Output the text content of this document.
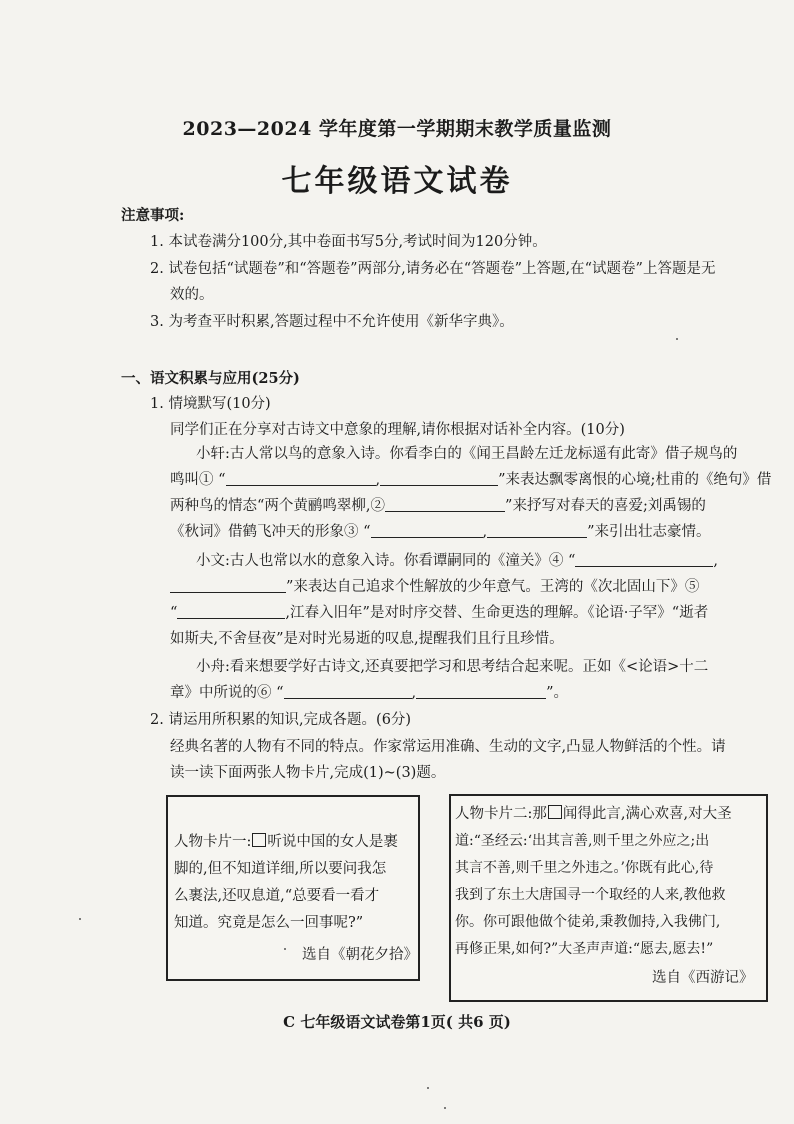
2023—2024 学年度第一学期期末教学质量监测
七年级语文试卷
注意事项:
1. 本试卷满分100分,其中卷面书写5分,考试时间为120分钟。
2. 试卷包括“试题卷”和“答题卷”两部分,请务必在“答题卷”上答题,在“试题卷”上答题是无
效的。
3. 为考查平时积累,答题过程中不允许使用《新华字典》。
一、语文积累与应用(25分)
1. 情境默写(10分)
同学们正在分享对古诗文中意象的理解,请你根据对话补全内容。(10分)
小轩:古人常以鸟的意象入诗。你看李白的《闻王昌龄左迁龙标遥有此寄》借子规鸟的
鸣叫① “	,	”来表达飘零离恨的心境;杜甫的《绝句》借
两种鸟的情态“两个黄鹂鸣翠柳,②	”来抒写对春天的喜爱;刘禹锡的
《秋词》借鹤飞冲天的形象③ “	,	”来引出壮志豪情。
小文:古人也常以水的意象入诗。你看谭嗣同的《潼关》④ “	,
”来表达自己追求个性解放的少年意气。王湾的《次北固山下》⑤
“	,江春入旧年”是对时序交替、生命更迭的理解。《论语·子罕》“逝者
如斯夫,不舍昼夜”是对时光易逝的叹息,提醒我们且行且珍惜。
小舟:看来想要学好古诗文,还真要把学习和思考结合起来呢。正如《<论语>十二
章》中所说的⑥ “	,	”。
2. 请运用所积累的知识,完成各题。(6分)
经典名著的人物有不同的特点。作家常运用准确、生动的文字,凸显人物鲜活的个性。请
读一读下面两张人物卡片,完成(1)~(3)题。
人物卡片一: 听说中国的女人是裹
脚的,但不知道详细,所以要问我怎
么裹法,还叹息道,“总要看一看才
知道。究竟是怎么一回事呢?”
选自《朝花夕拾》
人物卡片二:那 闻得此言,满心欢喜,对大圣
道:“圣经云:‘出其言善,则千里之外应之;出
其言不善,则千里之外违之。’你既有此心,待
我到了东土大唐国寻一个取经的人来,教他救
你。你可跟他做个徒弟,秉教伽持,入我佛门,
再修正果,如何?”大圣声声道:“愿去,愿去!”
选自《西游记》
C 七年级语文试卷第1页( 共6 页)
